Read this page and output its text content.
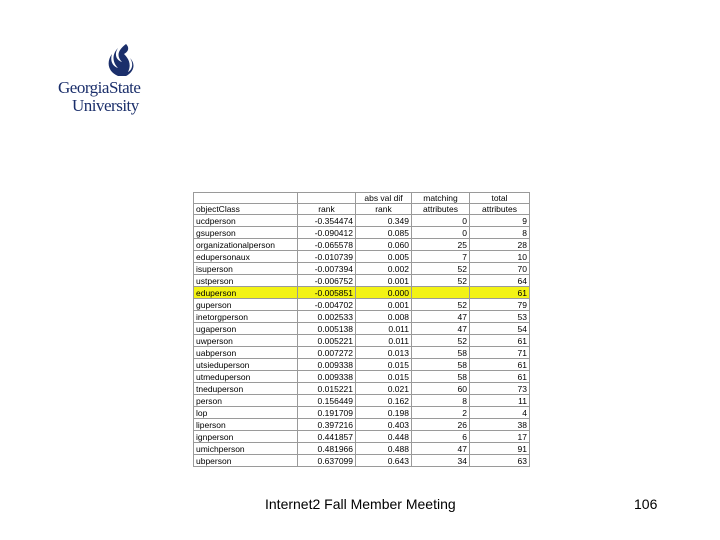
GeorgiaState
University
		abs val dif	matching	total
objectClass	rank	rank	attributes	attributes
ucdperson	-0.354474	0.349	0	9
gsuperson	-0.090412	0.085	0	8
organizationalperson	-0.065578	0.060	25	28
edupersonaux	-0.010739	0.005	7	10
isuperson	-0.007394	0.002	52	70
ustperson	-0.006752	0.001	52	64
eduperson	-0.005851	0.000		61
guperson	-0.004702	0.001	52	79
inetorgperson	0.002533	0.008	47	53
ugaperson	0.005138	0.011	47	54
uwperson	0.005221	0.011	52	61
uabperson	0.007272	0.013	58	71
utsieduperson	0.009338	0.015	58	61
utmeduperson	0.009338	0.015	58	61
tneduperson	0.015221	0.021	60	73
person	0.156449	0.162	8	11
lop	0.191709	0.198	2	4
liperson	0.397216	0.403	26	38
ignperson	0.441857	0.448	6	17
umichperson	0.481966	0.488	47	91
ubperson	0.637099	0.643	34	63
Internet2 Fall Member Meeting	106
